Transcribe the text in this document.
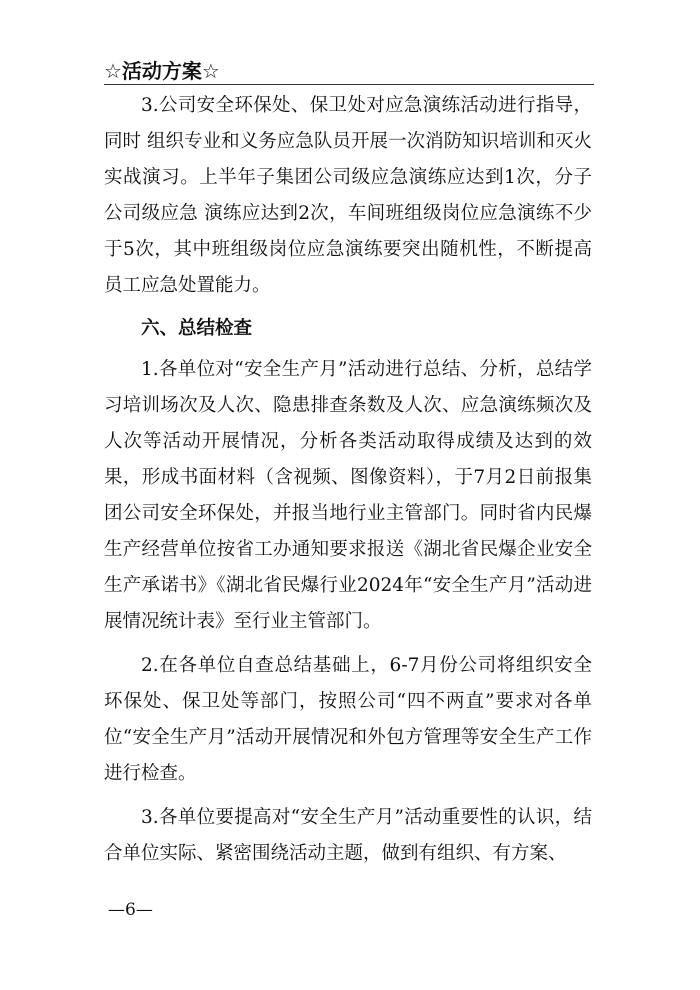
☆活动方案☆

3.公司安全环保处、保卫处对应急演练活动进行指导，同时 组织专业和义务应急队员开展一次消防知识培训和灭火实战演习。上半年子集团公司级应急演练应达到1次，分子公司级应急 演练应达到2次，车间班组级岗位应急演练不少于5次，其中班组级岗位应急演练要突出随机性，不断提高员工应急处置能力。

六、总结检查

1.各单位对“安全生产月”活动进行总结、分析，总结学习培训场次及人次、隐患排查条数及人次、应急演练频次及人次等活动开展情况，分析各类活动取得成绩及达到的效果，形成书面材料（含视频、图像资料），于7月2日前报集团公司安全环保处，并报当地行业主管部门。同时省内民爆生产经营单位按省工办通知要求报送《湖北省民爆企业安全生产承诺书》《湖北省民爆行业2024年“安全生产月”活动进展情况统计表》至行业主管部门。

2.在各单位自查总结基础上，6-7月份公司将组织安全环保处、保卫处等部门，按照公司“四不两直”要求对各单位“安全生产月”活动开展情况和外包方管理等安全生产工作进行检查。

3.各单位要提高对“安全生产月”活动重要性的认识，结合单位实际、紧密围绕活动主题，做到有组织、有方案、

—6—
